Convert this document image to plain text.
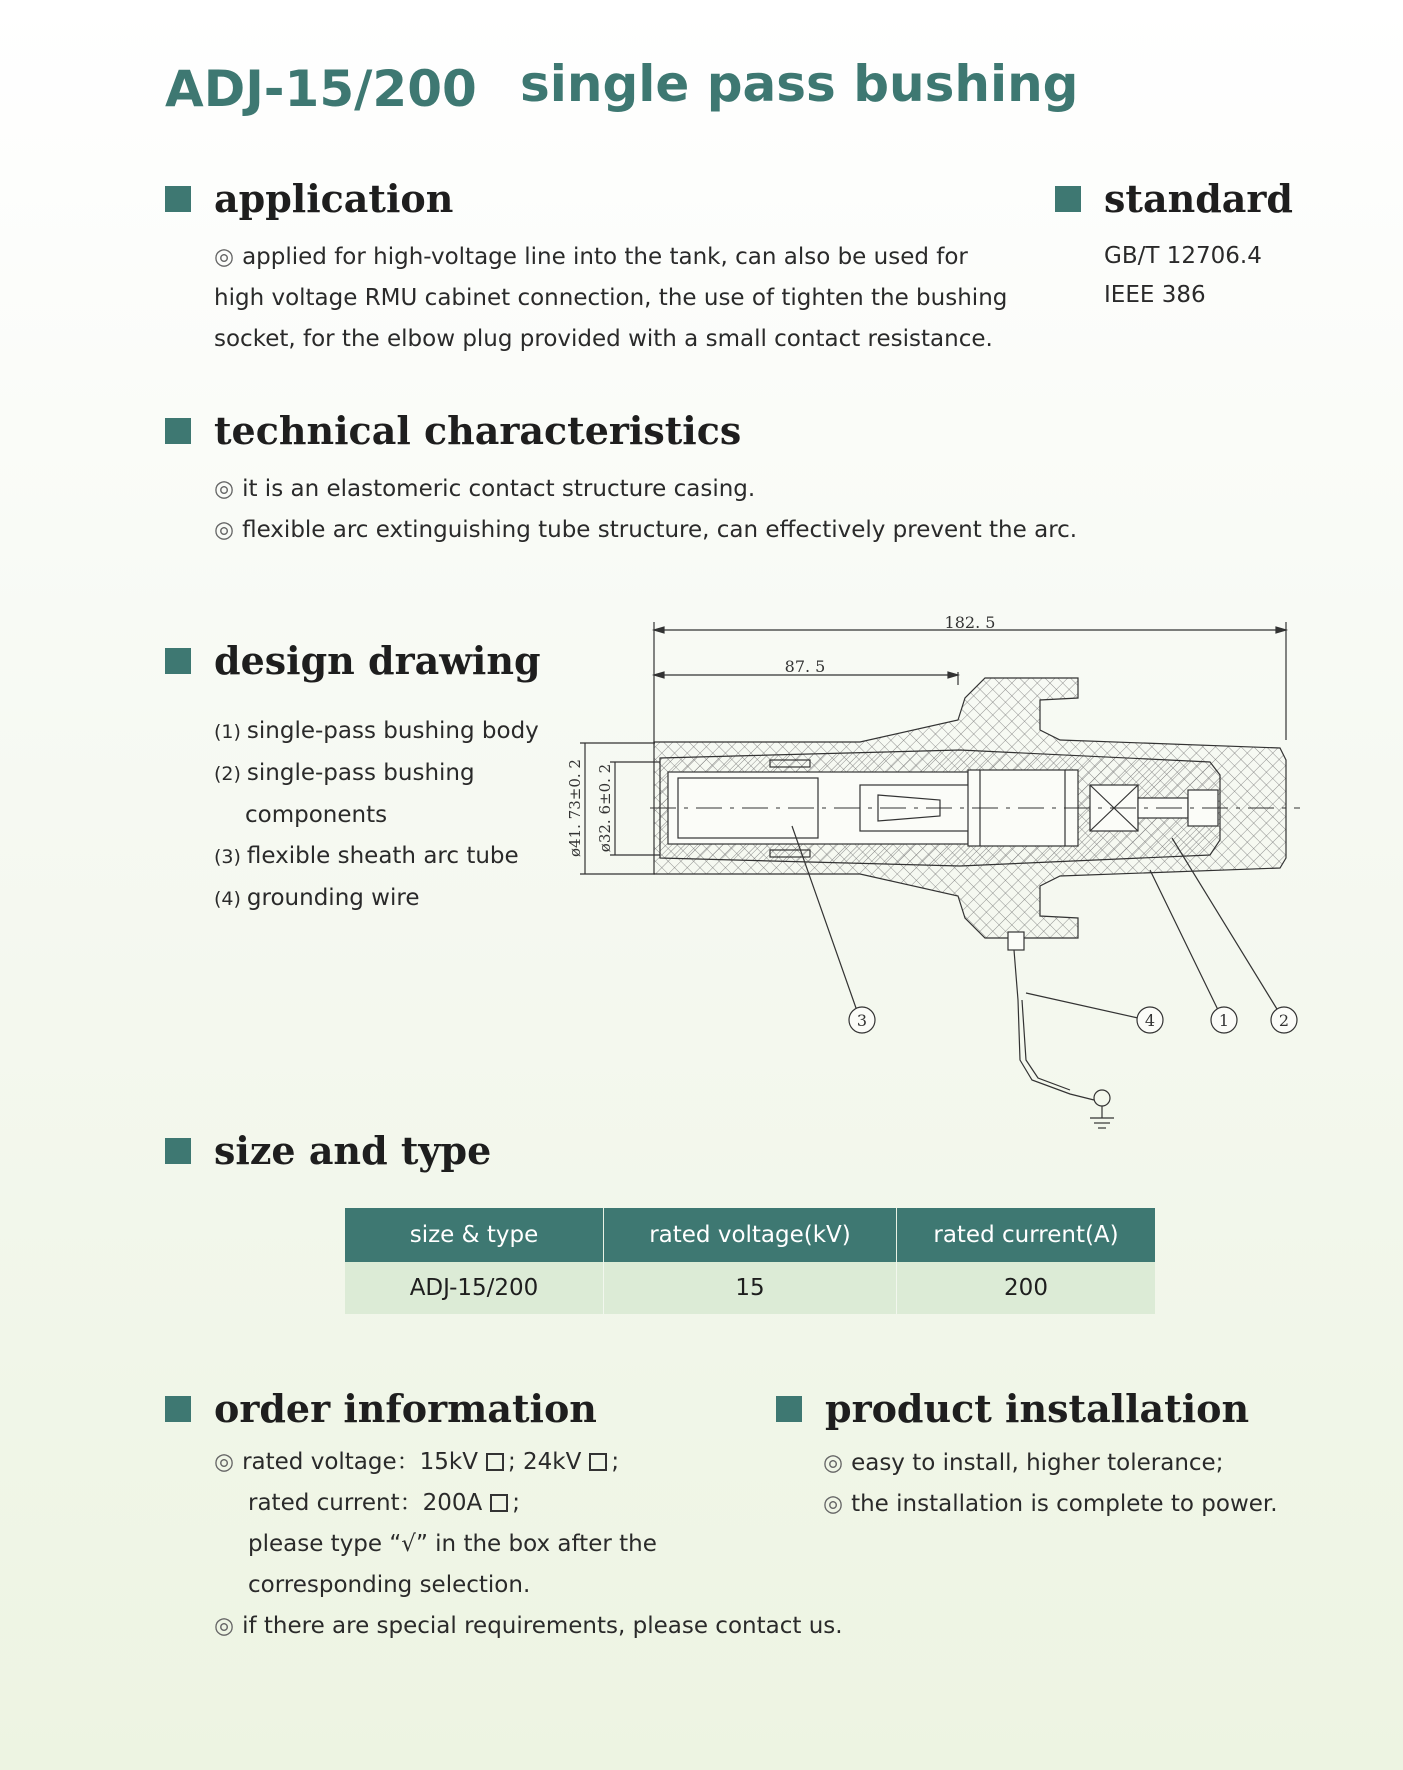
ADJ-15/200 single pass bushing
application

◎ applied for high-voltage line into the tank, can also be used for

high voltage RMU cabinet connection, the use of tighten the bushing

socket, for the elbow plug provided with a small contact resistance.

standard

GB/T 12706.4

IEEE 386

technical characteristics

◎ it is an elastomeric contact structure casing.

◎ flexible arc extinguishing tube structure, can effectively prevent the arc.

design drawing

(1) single-pass bushing body

(2) single-pass bushing

components

(3) flexible sheath arc tube

(4) grounding wire

182. 5
87. 5
ø41. 73±0. 2 ø32. 6±0. 2
3	4	1	2
size and type
size & type	rated voltage(kV)	rated current(A)
ADJ-15/200	15	200
order information

◎ rated voltage：15kV ; 24kV ;

rated current：200A ;

please type “√” in the box after the

corresponding selection.

◎ if there are special requirements, please contact us.

product installation

◎ easy to install, higher tolerance;

◎ the installation is complete to power.
